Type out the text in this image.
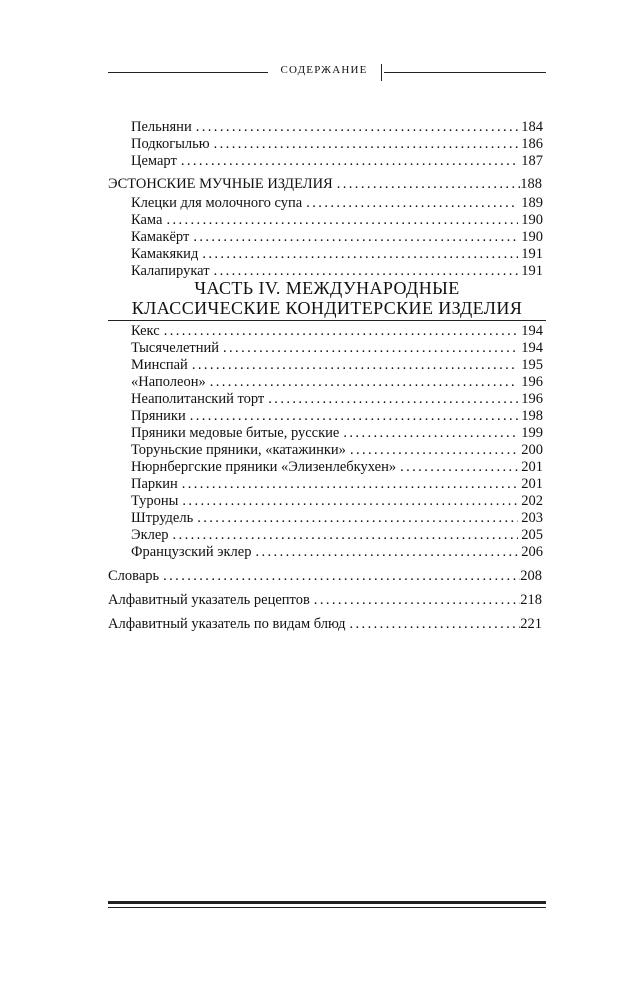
СОДЕРЖАНИЕ
Пельняни .....	184
Подкогылью .....	186
Цемарт .....	187
ЭСТОНСКИЕ МУЧНЫЕ ИЗДЕЛИЯ .....	188
Клецки для молочного супа .....	189
Кама .....	190
Камакёрт .....	190
Камакякид .....	191
Калапирукат .....	191
ЧАСТЬ IV. МЕЖДУНАРОДНЫЕ
КЛАССИЧЕСКИЕ КОНДИТЕРСКИЕ ИЗДЕЛИЯ
Кекс .....	194
Тысячелетний .....	194
Минспай .....	195
«Наполеон» .....	196
Неаполитанский торт .....	196
Пряники .....	198
Пряники медовые битые, русские .....	199
Торуньские пряники, «катажинки» .....	200
Нюрнбергские пряники «Элизенлебкухен» .....	201
Паркин .....	201
Туроны .....	202
Штрудель .....	203
Эклер .....	205
Французский эклер .....	206
Словарь .....	208
Алфавитный указатель рецептов .....	218
Алфавитный указатель по видам блюд .....	221
